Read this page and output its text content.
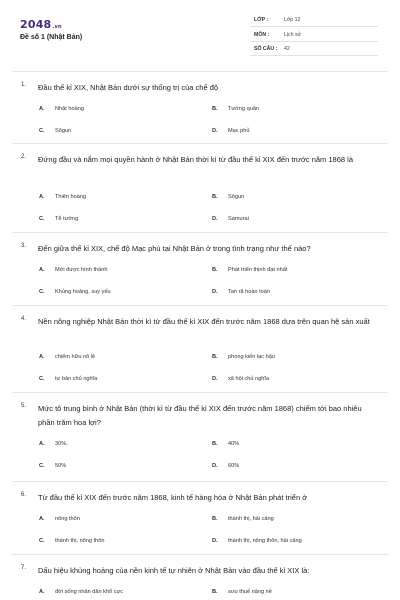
2048.vn
Đề số 1 (Nhật Bản)
LỚP :	Lớp 12
MÔN :	Lịch sử
SỐ CÂU : 42
1. Đầu thế kỉ XIX, Nhật Bản dưới sự thống trị của chế độ
A. Nhật hoàng	B. Tướng quân
C. Sôgun	D. Mạc phủ
2. Đứng đầu và nắm mọi quyền hành ở Nhật Bản thời kì từ đầu thế kỉ XIX đến trước năm 1868 là
A. Thiên hoàng	B. Sôgun
C. Tể tướng	D. Samurai
3. Đến giữa thế kỉ XIX, chế độ Mạc phủ tại Nhật Bản ở trong tình trạng như thế nào?
A. Mới được hình thành	B. Phát triển thịnh đạt nhất
C. Khủng hoảng, suy yếu	D. Tan rã hoàn toàn
4. Nền nông nghiệp Nhật Bản thời kì từ đầu thế kỉ XIX đến trước năm 1868 dựa trên quan hệ sản xuất
A. chiếm hữu nô lệ	B. phong kiến lạc hậu
C. tư bản chủ nghĩa	D. xã hội chủ nghĩa
5. Mức tô trung bình ở Nhật Bản (thời kì từ đầu thế kỉ XIX đến trước năm 1868) chiếm tới bao nhiêu phần trăm hoa lợi?
A. 30%.	B. 40%
C. 50%	D. 60%
6. Từ đầu thế kỉ XIX đến trước năm 1868, kinh tế hàng hóa ở Nhật Bản phát triển ở
A. nông thôn	B. thành thị, hải cảng
C. thành thị, nông thôn	D. thành thị, nông thôn, hải cảng
7. Dấu hiệu khủng hoảng của nền kinh tế tự nhiên ở Nhật Bản vào đầu thế kỉ XIX là:
A. đời sống nhân dân khổ cực	B. sưu thuế nặng nề
